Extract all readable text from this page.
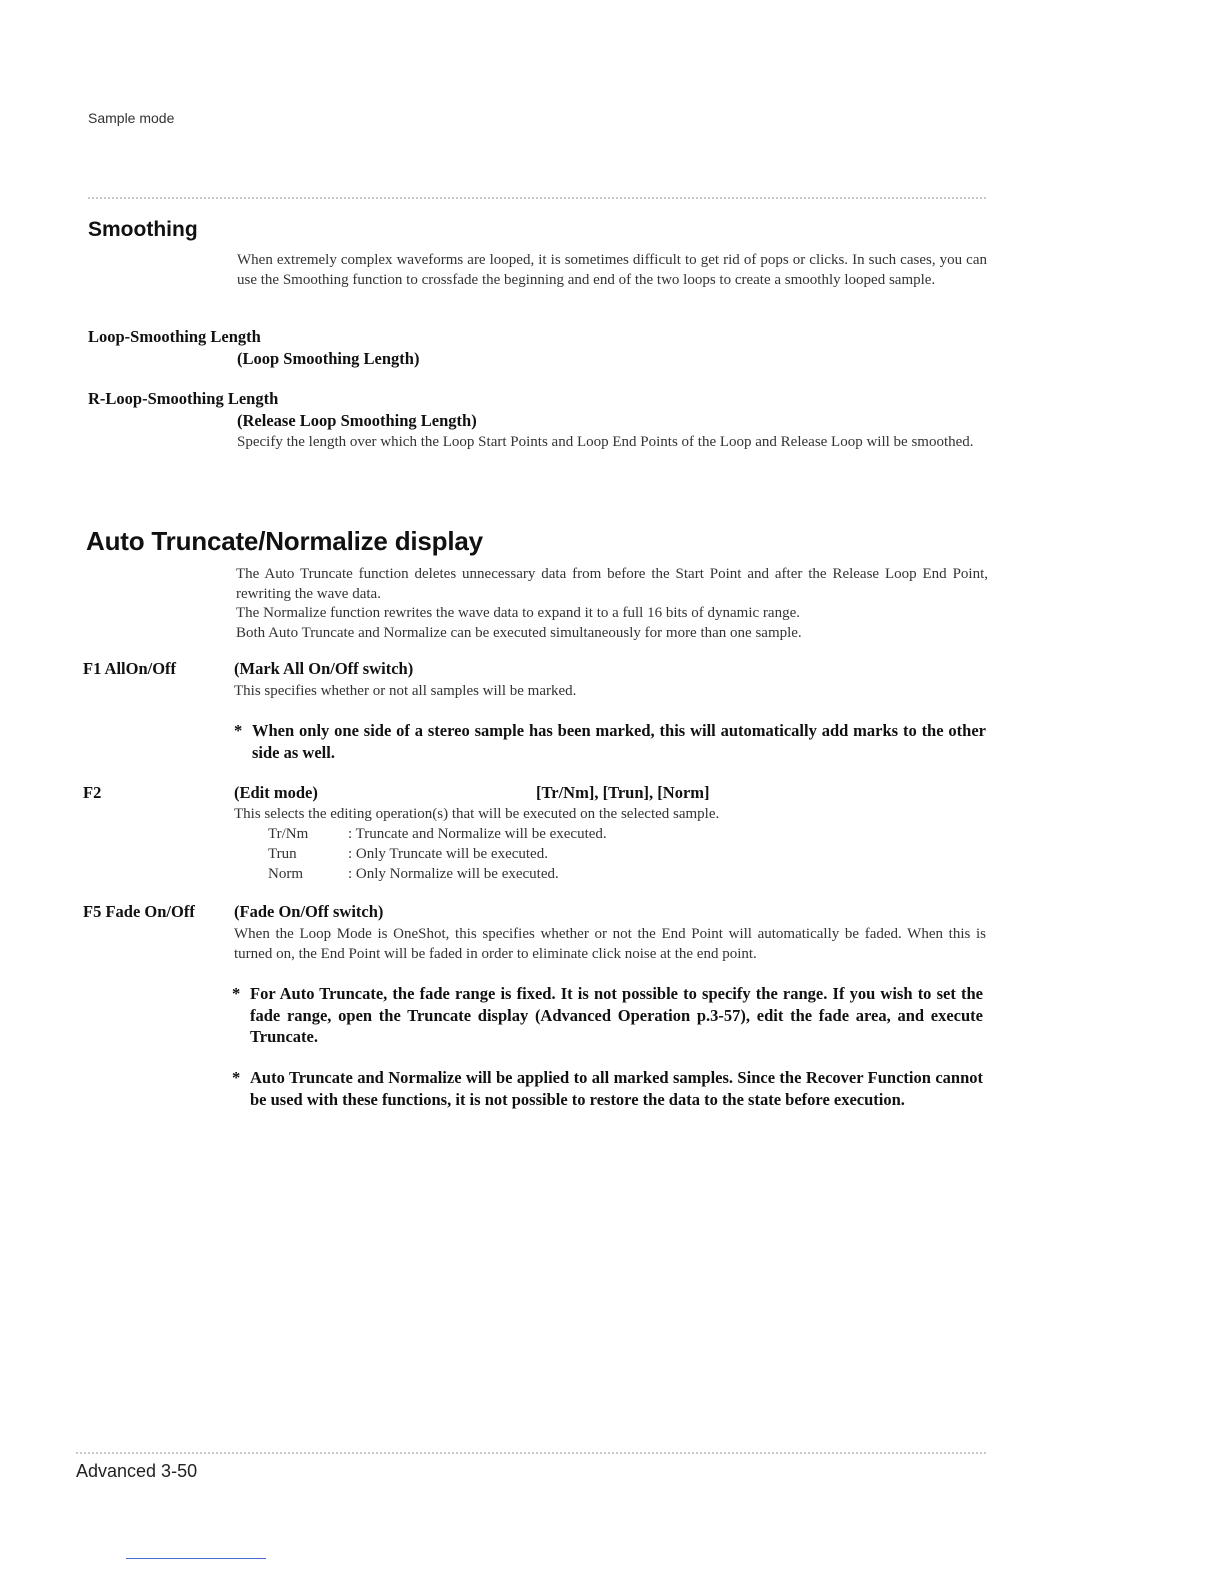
Sample mode
Smoothing
When extremely complex waveforms are looped, it is sometimes difficult to get rid of pops or clicks. In such cases, you can use the Smoothing function to crossfade the beginning and end of the two loops to create a smoothly looped sample.
Loop-Smoothing Length
(Loop Smoothing Length)
R-Loop-Smoothing Length
(Release Loop Smoothing Length)
Specify the length over which the Loop Start Points and Loop End Points of the Loop and Release Loop will be smoothed.
Auto Truncate/Normalize display
The Auto Truncate function deletes unnecessary data from before the Start Point and after the Release Loop End Point, rewriting the wave data.
The Normalize function rewrites the wave data to expand it to a full 16 bits of dynamic range.
Both Auto Truncate and Normalize can be executed simultaneously for more than one sample.
F1 AllOn/Off	(Mark All On/Off switch)
This specifies whether or not all samples will be marked.
* When only one side of a stereo sample has been marked, this will automatically add marks to the other side as well.
F2	(Edit mode)	[Tr/Nm], [Trun], [Norm]
This selects the editing operation(s) that will be executed on the selected sample.
Tr/Nm	: Truncate and Normalize will be executed.
Trun	: Only Truncate will be executed.
Norm	: Only Normalize will be executed.
F5 Fade On/Off (Fade On/Off switch)
When the Loop Mode is OneShot, this specifies whether or not the End Point will automatically be faded. When this is turned on, the End Point will be faded in order to eliminate click noise at the end point.
* For Auto Truncate, the fade range is fixed. It is not possible to specify the range. If you wish to set the fade range, open the Truncate display (Advanced Operation p.3-57), edit the fade area, and execute Truncate.
* Auto Truncate and Normalize will be applied to all marked samples. Since the Recover Function cannot be used with these functions, it is not possible to restore the data to the state before execution.
Advanced 3-50
